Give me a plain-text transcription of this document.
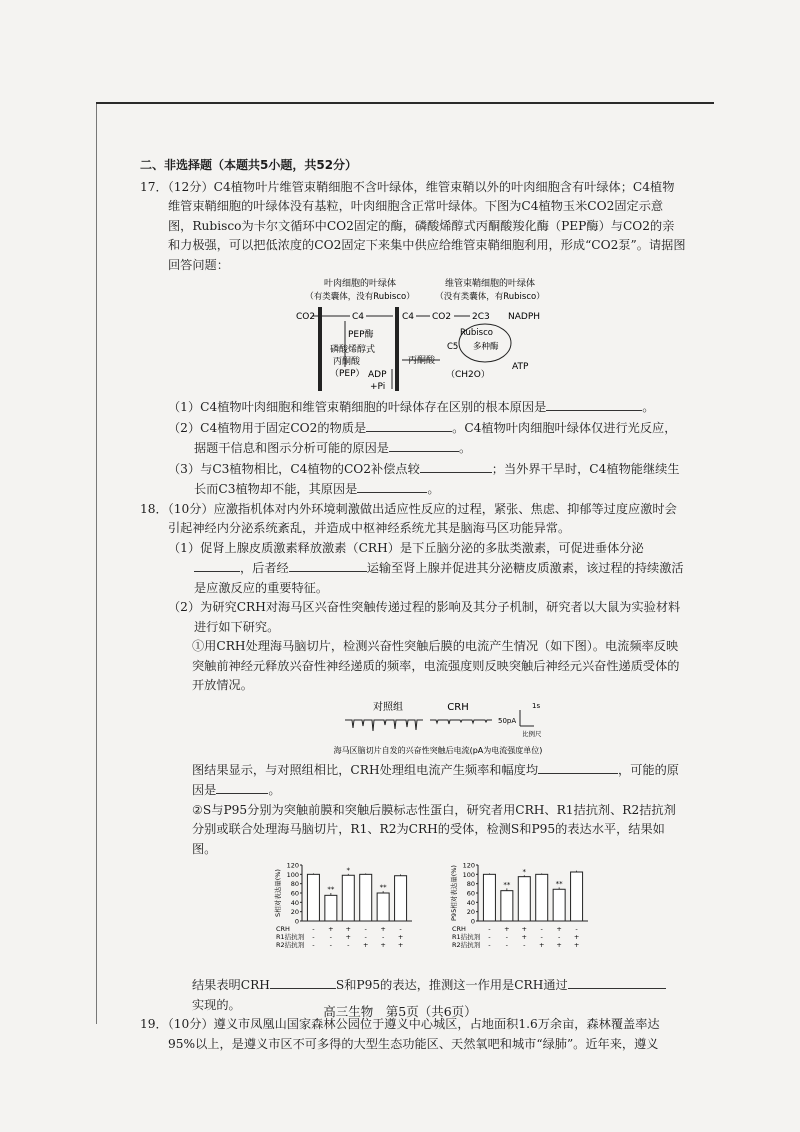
二、非选择题（本题共5小题，共52分）
17．（12分）C4植物叶片维管束鞘细胞不含叶绿体，维管束鞘以外的叶肉细胞含有叶绿体；C4植物维管束鞘细胞的叶绿体没有基粒，叶肉细胞含正常叶绿体。下图为C4植物玉米CO2固定示意图，Rubisco为卡尔文循环中CO2固定的酶，磷酸烯醇式丙酮酸羧化酶（PEP酶）与CO2的亲和力极强，可以把低浓度的CO2固定下来集中供应给维管束鞘细胞利用，形成“CO2泵”。请据图回答问题：
叶肉细胞的叶绿体
（有类囊体，没有Rubisco）
维管束鞘细胞的叶绿体
（没有类囊体，有Rubisco）
CO2	C4
PEP酶
磷酸烯醇式
丙酮酸
（PEP） ADP
+Pi
C4 CO2 2C3 NADPH
Rubisco
C5 多种酶
ATP
丙酮酸
（CH2O）
（1）C4植物叶肉细胞和维管束鞘细胞的叶绿体存在区别的根本原因是	。
（2）C4植物用于固定CO2的物质是	。C4植物叶肉细胞叶绿体仅进行光反应，据题干信息和图示分析可能的原因是	。
（3）与C3植物相比，C4植物的CO2补偿点较	；当外界干旱时，C4植物能继续生长而C3植物却不能，其原因是	。
18．（10分）应激指机体对内外环境刺激做出适应性反应的过程，紧张、焦虑、抑郁等过度应激时会引起神经内分泌系统紊乱，并造成中枢神经系统尤其是脑海马区功能异常。
（1）促肾上腺皮质激素释放激素（CRH）是下丘脑分泌的多肽类激素，可促进垂体分泌，后者经	运输至肾上腺并促进其分泌糖皮质激素，该过程的持续激活是应激反应的重要特征。
（2）为研究CRH对海马区兴奋性突触传递过程的影响及其分子机制，研究者以大鼠为实验材料进行如下研究。
①用CRH处理海马脑切片，检测兴奋性突触后膜的电流产生情况（如下图）。电流频率反映突触前神经元释放兴奋性神经递质的频率，电流强度则反映突触后神经元兴奋性递质受体的开放情况。
对照组	CRH
50pA
1s
比例尺
海马区脑切片自发的兴奋性突触后电流(pA为电流强度单位)
图结果显示，与对照组相比，CRH处理组电流产生频率和幅度均	，可能的原因是	。
②S与P95分别为突触前膜和突触后膜标志性蛋白，研究者用CRH、R1拮抗剂、R2拮抗剂分别或联合处理海马脑切片，R1、R2为CRH的受体，检测S和P95的表达水平，结果如图。
S相对表达量(%)
0
20
40
60
80
100
120
-
-
-
**
+
-
-
*
+
+
-
-
-
+
**
+
-
+
-
+
+
CRH
R1拮抗剂
R2拮抗剂
P95相对表达量(%)
0
20
40
60
80
100
120
-
-
-
**
+
-
-
*
+
+
-
-
-
+
**
+
-
+
-
+
+
CRH
R1拮抗剂
R2拮抗剂
结果表明CRH	S和P95的表达，推测这一作用是CRH通过
实现的。
19．（10分）遵义市凤凰山国家森林公园位于遵义中心城区，占地面积1.6万余亩，森林覆盖率达95%以上，是遵义市区不可多得的大型生态功能区、天然氧吧和城市“绿肺”。近年来，遵义
高三生物　第5页（共6页）
